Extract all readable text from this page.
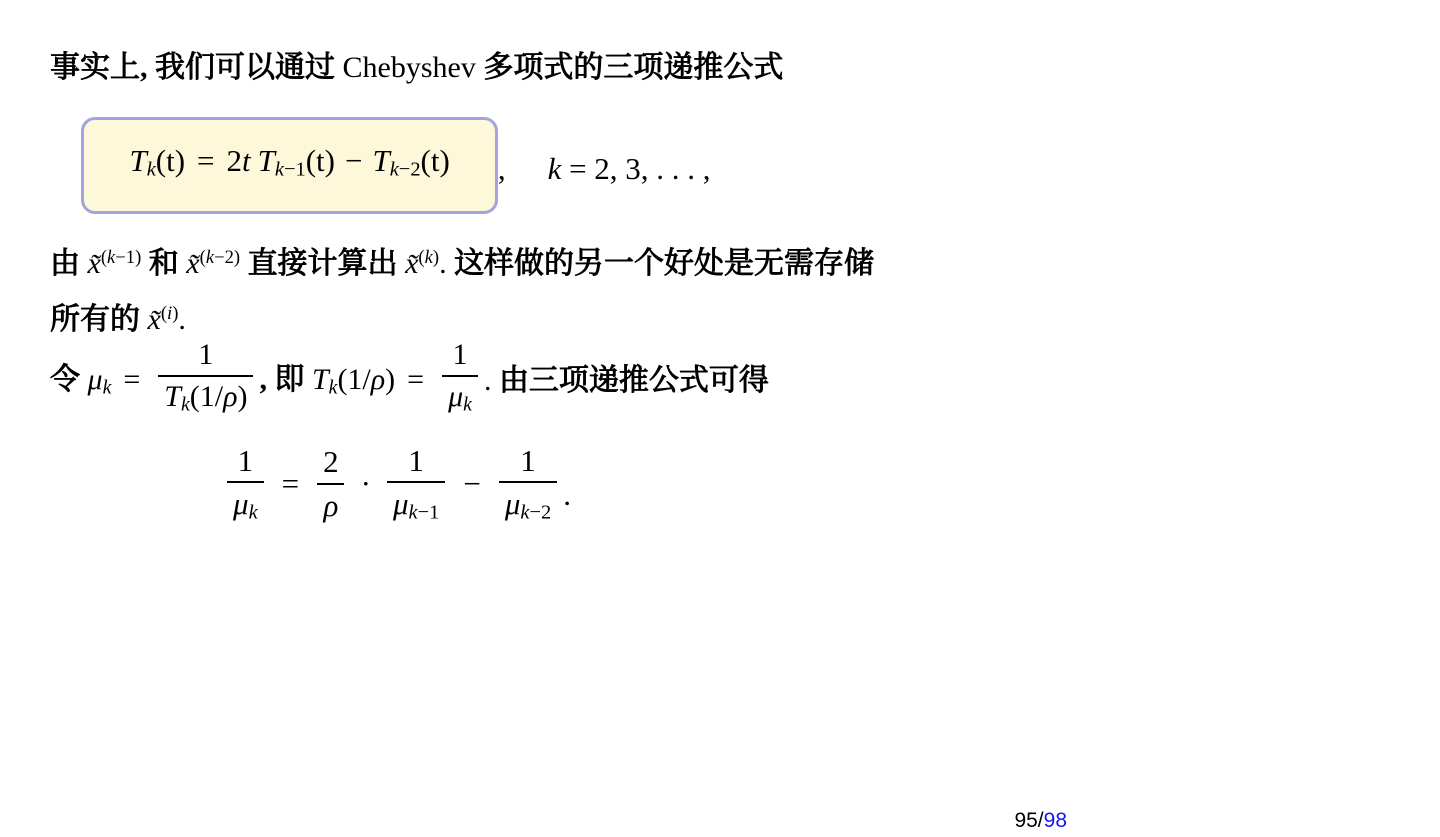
事实上, 我们可以通过 Chebyshev 多项式的三项递推公式
Tk(t) = 2t Tk−1(t) − Tk−2(t)	, k = 2, 3, . . . ,
由 x̃$^{(k-1)}$ 和 x̃$^{(k-2)}$ 直接计算出 x̃$^{(k)}$. 这样做的另一个好处是无需存储
所有的 x̃$^{(i)}$.
令 $\mu k = \frac{1}{Tk(1/\rho)}$ , 即 $Tk(1/\rho) = \frac{1}{\mu k}$ . 由三项递推公式可得
$\frac{1}{\mu k} = \frac{2}{\rho} \cdot \frac{1}{\mu k-1} - \frac{1}{\mu k-2}$ .
95/98
